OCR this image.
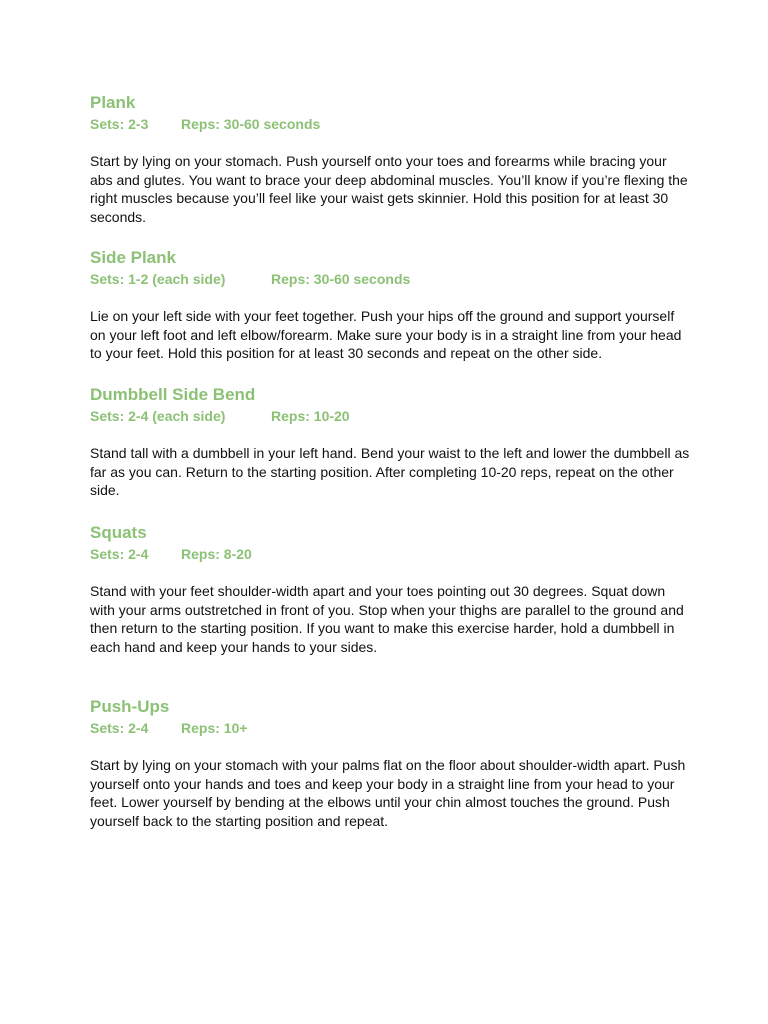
Plank
Sets: 2-3 Reps: 30-60 seconds

Start by lying on your stomach. Push yourself onto your toes and forearms while bracing your abs and glutes. You want to brace your deep abdominal muscles. You’ll know if you’re flexing the right muscles because you’ll feel like your waist gets skinnier. Hold this position for at least 30 seconds.

Side Plank
Sets: 1-2 (each side)	Reps: 30-60 seconds

Lie on your left side with your feet together. Push your hips off the ground and support yourself on your left foot and left elbow/forearm. Make sure your body is in a straight line from your head to your feet. Hold this position for at least 30 seconds and repeat on the other side.

Dumbbell Side Bend
Sets: 2-4 (each side)	Reps: 10-20

Stand tall with a dumbbell in your left hand. Bend your waist to the left and lower the dumbbell as far as you can. Return to the starting position. After completing 10-20 reps, repeat on the other side.

Squats
Sets: 2-4 Reps: 8-20

Stand with your feet shoulder-width apart and your toes pointing out 30 degrees. Squat down with your arms outstretched in front of you. Stop when your thighs are parallel to the ground and then return to the starting position. If you want to make this exercise harder, hold a dumbbell in each hand and keep your hands to your sides.

Push-Ups
Sets: 2-4 Reps: 10+

Start by lying on your stomach with your palms flat on the floor about shoulder-width apart. Push yourself onto your hands and toes and keep your body in a straight line from your head to your feet. Lower yourself by bending at the elbows until your chin almost touches the ground. Push yourself back to the starting position and repeat.
